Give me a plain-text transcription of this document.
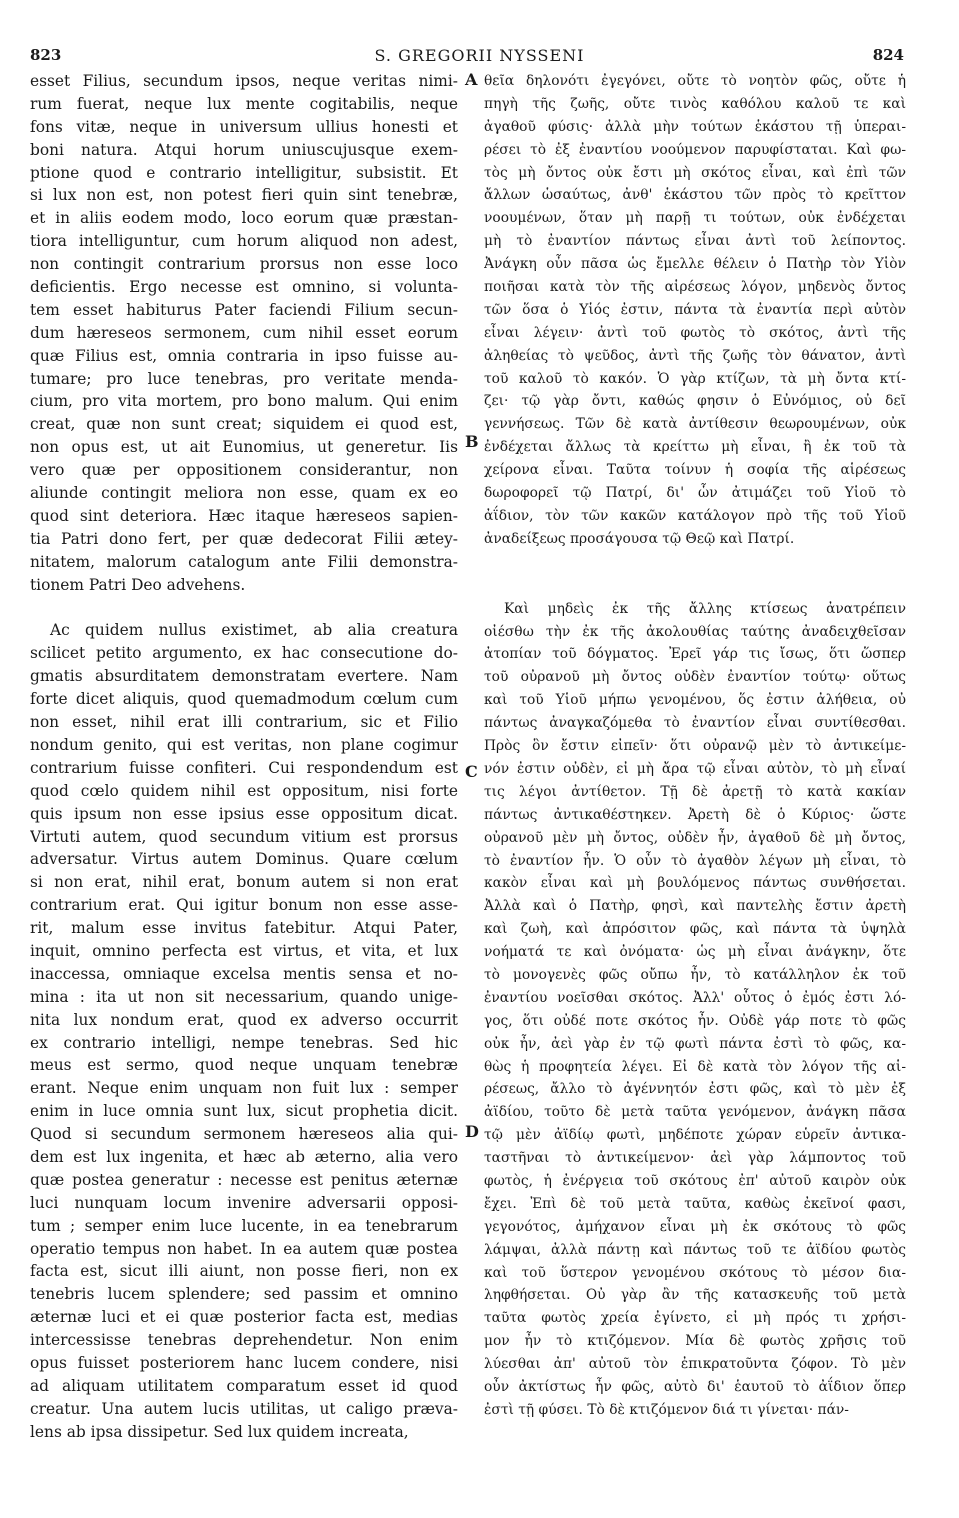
823	S. GREGORII NYSSENI	824
A
B
C
D
esset Filius, secundum ipsos, neque veritas nimi-
rum fuerat, neque lux mente cogitabilis, neque
fons vitæ, neque in universum ullius honesti et
boni natura. Atqui horum uniuscujusque exem-
ptione quod e contrario intelligitur, subsistit. Et
si lux non est, non potest fieri quin sint tenebræ,
et in aliis eodem modo, loco eorum quæ præstan-
tiora intelliguntur, cum horum aliquod non adest,
non contingit contrarium prorsus non esse loco
deficientis. Ergo necesse est omnino, si volunta-
tem esset habiturus Pater faciendi Filium secun-
dum hæreseos sermonem, cum nihil esset eorum
quæ Filius est, omnia contraria in ipso fuisse au-
tumare; pro luce tenebras, pro veritate menda-
cium, pro vita mortem, pro bono malum. Qui enim
creat, quæ non sunt creat; siquidem ei quod est,
non opus est, ut ait Eunomius, ut generetur. Iis
vero quæ per oppositionem considerantur, non
aliunde contingit meliora non esse, quam ex eo
quod sint deteriora. Hæc itaque hæreseos sapien-
tia Patri dono fert, per quæ dedecorat Filii ætey-
nitatem, malorum catalogum ante Filii demonstra-
tionem Patri Deo advehens.
Ac quidem nullus existimet, ab alia creatura
scilicet petito argumento, ex hac consecutione do-
gmatis absurditatem demonstratam evertere. Nam
forte dicet aliquis, quod quemadmodum cœlum cum
non esset, nihil erat illi contrarium, sic et Filio
nondum genito, qui est veritas, non plane cogimur
contrarium fuisse confiteri. Cui respondendum est
quod cœlo quidem nihil est oppositum, nisi forte
quis ipsum non esse ipsius esse oppositum dicat.
Virtuti autem, quod secundum vitium est prorsus
adversatur. Virtus autem Dominus. Quare cœlum
si non erat, nihil erat, bonum autem si non erat
contrarium erat. Qui igitur bonum non esse asse-
rit, malum esse invitus fatebitur. Atqui Pater,
inquit, omnino perfecta est virtus, et vita, et lux
inaccessa, omniaque excelsa mentis sensa et no-
mina : ita ut non sit necessarium, quando unige-
nita lux nondum erat, quod ex adverso occurrit
ex contrario intelligi, nempe tenebras. Sed hic
meus est sermo, quod neque unquam tenebræ
erant. Neque enim unquam non fuit lux : semper
enim in luce omnia sunt lux, sicut prophetia dicit.
Quod si secundum sermonem hæreseos alia qui-
dem est lux ingenita, et hæc ab æterno, alia vero
quæ postea generatur : necesse est penitus æternæ
luci nunquam locum invenire adversarii opposi-
tum ; semper enim luce lucente, in ea tenebrarum
operatio tempus non habet. In ea autem quæ postea
facta est, sicut illi aiunt, non posse fieri, non ex
tenebris lucem splendere; sed passim et omnino
æternæ luci et ei quæ posterior facta est, medias
intercessisse tenebras deprehendetur. Non enim
opus fuisset posteriorem hanc lucem condere, nisi
ad aliquam utilitatem comparatum esset id quod
creatur. Una autem lucis utilitas, ut caligo præva-
lens ab ipsa dissipetur. Sed lux quidem increata,
θεῖα δηλονότι ἐγεγόνει, οὔτε τὸ νοητὸν φῶς, οὔτε ἡ
πηγὴ τῆς ζωῆς, οὔτε τινὸς καθόλου καλοῦ τε καὶ
ἀγαθοῦ φύσις· ἀλλὰ μὴν τούτων ἑκάστου τῇ ὑπεραι-
ρέσει τὸ ἐξ ἐναντίου νοούμενον παρυφίσταται. Καὶ φω-
τὸς μὴ ὄντος οὐκ ἔστι μὴ σκότος εἶναι, καὶ ἐπὶ τῶν
ἄλλων ὡσαύτως, ἀνθ' ἑκάστου τῶν πρὸς τὸ κρεῖττον
νοουμένων, ὅταν μὴ παρῇ τι τούτων, οὐκ ἐνδέχεται
μὴ τὸ ἐναντίον πάντως εἶναι ἀντὶ τοῦ λείποντος.
Ἀνάγκη οὖν πᾶσα ὡς ἔμελλε θέλειν ὁ Πατὴρ τὸν Υἱὸν
ποιῆσαι κατὰ τὸν τῆς αἱρέσεως λόγον, μηδενὸς ὄντος
τῶν ὅσα ὁ Υἱός ἐστιν, πάντα τὰ ἐναντία περὶ αὐτὸν
εἶναι λέγειν· ἀντὶ τοῦ φωτὸς τὸ σκότος, ἀντὶ τῆς
ἀληθείας τὸ ψεῦδος, ἀντὶ τῆς ζωῆς τὸν θάνατον, ἀντὶ
τοῦ καλοῦ τὸ κακόν. Ὁ γὰρ κτίζων, τὰ μὴ ὄντα κτί-
ζει· τῷ γὰρ ὄντι, καθώς φησιν ὁ Εὐνόμιος, οὐ δεῖ
γεννήσεως. Τῶν δὲ κατὰ ἀντίθεσιν θεωρουμένων, οὐκ
ἐνδέχεται ἄλλως τὰ κρείττω μὴ εἶναι, ἢ ἐκ τοῦ τὰ
χείρονα εἶναι. Ταῦτα τοίνυν ἡ σοφία τῆς αἱρέσεως
δωροφορεῖ τῷ Πατρί, δι' ὧν ἀτιμάζει τοῦ Υἱοῦ τὸ
ἀΐδιον, τὸν τῶν κακῶν κατάλογον πρὸ τῆς τοῦ Υἱοῦ
ἀναδείξεως προσάγουσα τῷ Θεῷ καὶ Πατρί.
Καὶ μηδεὶς ἐκ τῆς ἄλλης κτίσεως ἀνατρέπειν
οἰέσθω τὴν ἐκ τῆς ἀκολουθίας ταύτης ἀναδειχθεῖσαν
ἀτοπίαν τοῦ δόγματος. Ἐρεῖ γάρ τις ἴσως, ὅτι ὥσπερ
τοῦ οὐρανοῦ μὴ ὄντος οὐδὲν ἐναντίον τούτῳ· οὕτως
καὶ τοῦ Υἱοῦ μήπω γενομένου, ὅς ἐστιν ἀλήθεια, οὐ
πάντως ἀναγκαζόμεθα τὸ ἐναντίον εἶναι συντίθεσθαι.
Πρὸς ὃν ἔστιν εἰπεῖν· ὅτι οὐρανῷ μὲν τὸ ἀντικείμε-
νόν ἐστιν οὐδὲν, εἰ μὴ ἄρα τῷ εἶναι αὐτὸν, τὸ μὴ εἶναί
τις λέγοι ἀντίθετον. Τῇ δὲ ἀρετῇ τὸ κατὰ κακίαν
πάντως ἀντικαθέστηκεν. Ἀρετὴ δὲ ὁ Κύριος· ὥστε
οὐρανοῦ μὲν μὴ ὄντος, οὐδὲν ἦν, ἀγαθοῦ δὲ μὴ ὄντος,
τὸ ἐναντίον ἦν. Ὁ οὖν τὸ ἀγαθὸν λέγων μὴ εἶναι, τὸ
κακὸν εἶναι καὶ μὴ βουλόμενος πάντως συνθήσεται.
Ἀλλὰ καὶ ὁ Πατὴρ, φησὶ, καὶ παντελὴς ἔστιν ἀρετὴ
καὶ ζωὴ, καὶ ἀπρόσιτον φῶς, καὶ πάντα τὰ ὑψηλὰ
νοήματά τε καὶ ὀνόματα· ὡς μὴ εἶναι ἀνάγκην, ὅτε
τὸ μονογενὲς φῶς οὔπω ἦν, τὸ κατάλληλον ἐκ τοῦ
ἐναντίου νοεῖσθαι σκότος. Ἀλλ' οὗτος ὁ ἐμός ἐστι λό-
γος, ὅτι οὐδέ ποτε σκότος ἦν. Οὐδὲ γάρ ποτε τὸ φῶς
οὐκ ἦν, ἀεὶ γὰρ ἐν τῷ φωτὶ πάντα ἐστὶ τὸ φῶς, κα-
θὼς ἡ προφητεία λέγει. Εἰ δὲ κατὰ τὸν λόγον τῆς αἱ-
ρέσεως, ἄλλο τὸ ἀγέννητόν ἐστι φῶς, καὶ τὸ μὲν ἐξ
ἀϊδίου, τοῦτο δὲ μετὰ ταῦτα γενόμενον, ἀνάγκη πᾶσα
τῷ μὲν ἀϊδίῳ φωτὶ, μηδέποτε χώραν εὑρεῖν ἀντικα-
ταστῆναι τὸ ἀντικείμενον· ἀεὶ γὰρ λάμποντος τοῦ
φωτὸς, ἡ ἐνέργεια τοῦ σκότους ἐπ' αὐτοῦ καιρὸν οὐκ
ἔχει. Ἐπὶ δὲ τοῦ μετὰ ταῦτα, καθὼς ἐκεῖνοί φασι,
γεγονότος, ἀμήχανον εἶναι μὴ ἐκ σκότους τὸ φῶς
λάμψαι, ἀλλὰ πάντῃ καὶ πάντως τοῦ τε ἀϊδίου φωτὸς
καὶ τοῦ ὕστερον γενομένου σκότους τὸ μέσον δια-
ληφθήσεται. Οὐ γὰρ ἂν τῆς κατασκευῆς τοῦ μετὰ
ταῦτα φωτὸς χρεία ἐγίνετο, εἰ μὴ πρός τι χρήσι-
μον ἦν τὸ κτιζόμενον. Μία δὲ φωτὸς χρῆσις τοῦ
λύεσθαι ἀπ' αὐτοῦ τὸν ἐπικρατοῦντα ζόφον. Τὸ μὲν
οὖν ἀκτίστως ἦν φῶς, αὐτὸ δι' ἑαυτοῦ τὸ ἀΐδιον ὅπερ
ἐστὶ τῇ φύσει. Τὸ δὲ κτιζόμενον διά τι γίνεται· πάν-
